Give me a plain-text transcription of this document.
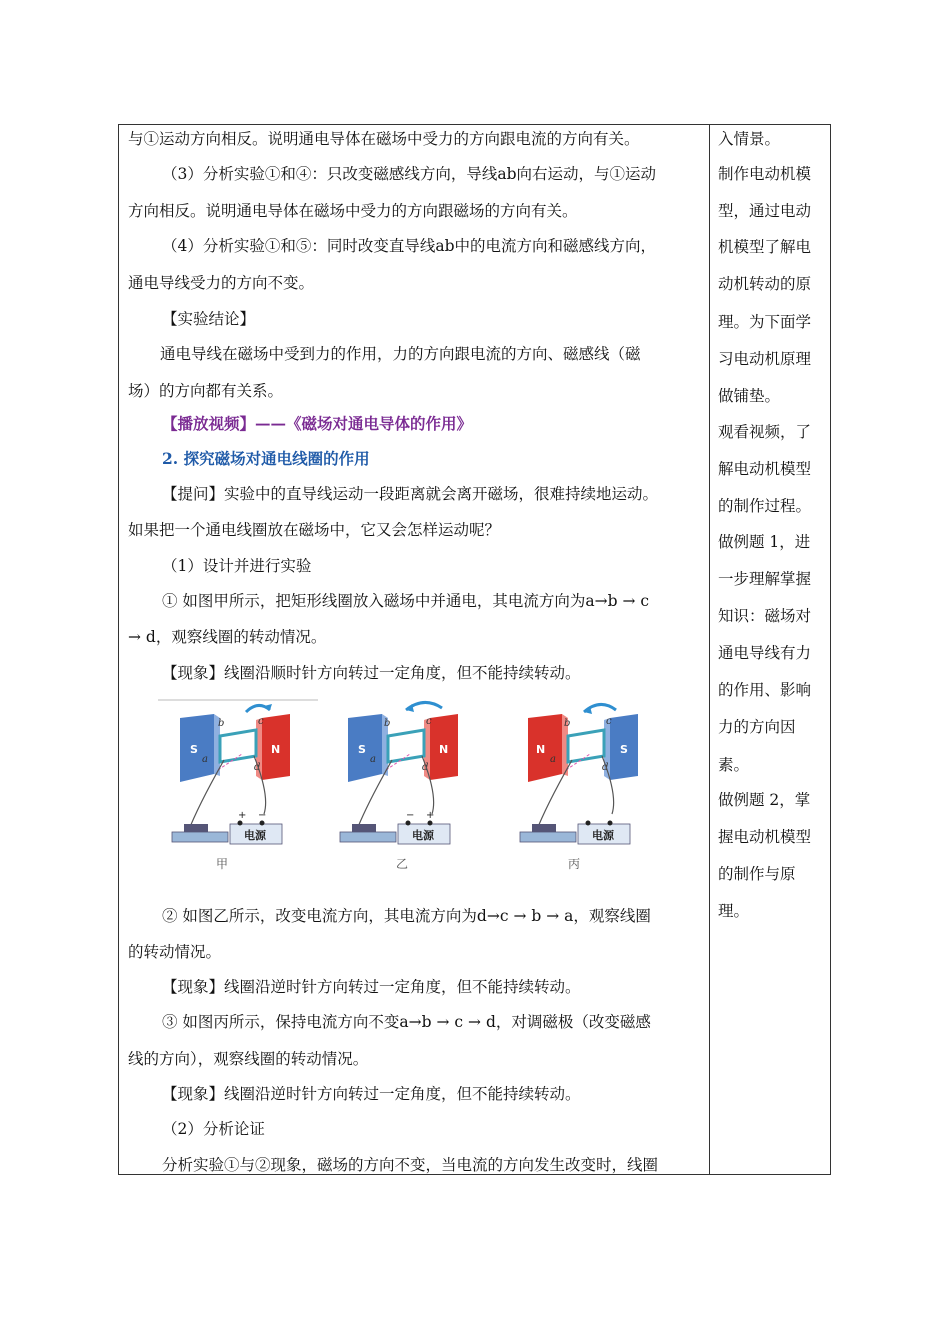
与①运动方向相反。说明通电导体在磁场中受力的方向跟电流的方向有关。
（3）分析实验①和④：只改变磁感线方向，导线ab向右运动，与①运动
方向相反。说明通电导体在磁场中受力的方向跟磁场的方向有关。
（4）分析实验①和⑤：同时改变直导线ab中的电流方向和磁感线方向，
通电导线受力的方向不变。
【实验结论】
通电导线在磁场中受到力的作用，力的方向跟电流的方向、磁感线（磁
场）的方向都有关系。
【播放视频】——《磁场对通电导体的作用》
2. 探究磁场对通电线圈的作用
【提问】实验中的直导线运动一段距离就会离开磁场，很难持续地运动。
如果把一个通电线圈放在磁场中，它又会怎样运动呢？
（1）设计并进行实验
① 如图甲所示，把矩形线圈放入磁场中并通电，其电流方向为a→b → c
→ d，观察线圈的转动情况。
【现象】线圈沿顺时针方向转过一定角度，但不能持续转动。
② 如图乙所示，改变电流方向，其电流方向为d→c → b → a，观察线圈
的转动情况。
【现象】线圈沿逆时针方向转过一定角度，但不能持续转动。
③ 如图丙所示，保持电流方向不变a→b → c → d，对调磁极（改变磁感
线的方向），观察线圈的转动情况。
【现象】线圈沿逆时针方向转过一定角度，但不能持续转动。
（2）分析论证
分析实验①与②现象，磁场的方向不变，当电流的方向发生改变时，线圈
S	N
b	c
a
d
电源
+ −
甲
S	N
b	c
a
d
电源
− +
乙
N	S
b	c
a
d
电源
丙
入情景。
制作电动机模
型，通过电动
机模型了解电
动机转动的原
理。为下面学
习电动机原理
做铺垫。
观看视频，了
解电动机模型
的制作过程。
做例题 1，进
一步理解掌握
知识：磁场对
通电导线有力
的作用、影响
力的方向因
素。
做例题 2，掌
握电动机模型
的制作与原
理。
